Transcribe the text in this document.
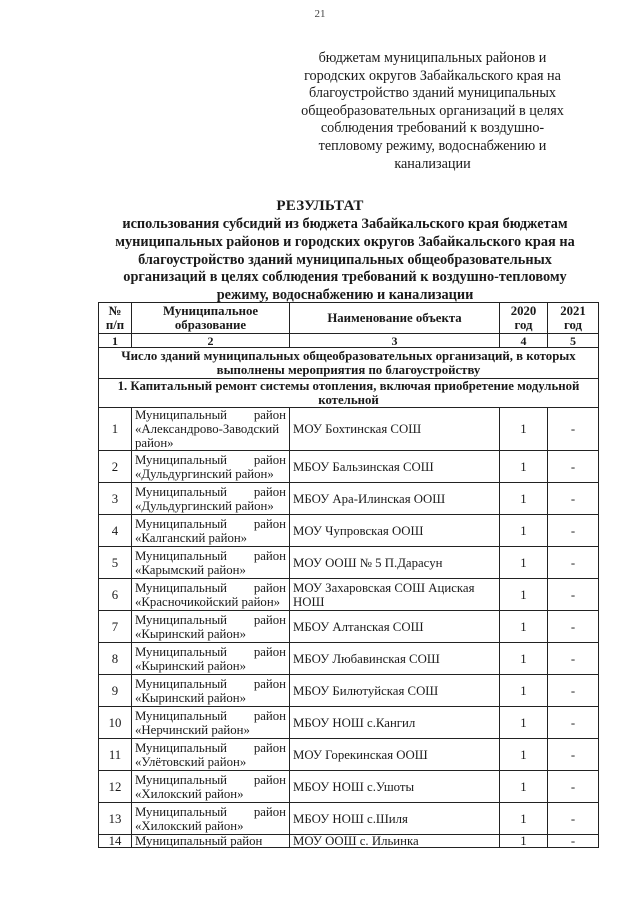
21
бюджетам муниципальных районов и
городских округов Забайкальского края на
благоустройство зданий муниципальных
общеобразовательных организаций в целях
соблюдения требований к воздушно-
тепловому режиму, водоснабжению и
канализации
РЕЗУЛЬТАТ
использования субсидий из бюджета Забайкальского края бюджетам
муниципальных районов и городских округов Забайкальского края на
благоустройство зданий муниципальных общеобразовательных
организаций в целях соблюдения требований к воздушно-тепловому
режиму, водоснабжению и канализации
№ п/п	Муниципальное образование	Наименование объекта	2020 год	2021 год
1	2	3	4	5
Число зданий муниципальных общеобразовательных организаций, в которых выполнены мероприятия по благоустройству				
1. Капитальный ремонт системы отопления, включая приобретение модульной котельной				
1	Муниципальный район «Александрово-Заводский район»	МОУ Бохтинская СОШ	1	-
2	Муниципальный район «Дульдургинский район»	МБОУ Бальзинская СОШ	1	-
3	Муниципальный район «Дульдургинский район»	МБОУ Ара-Илинская ООШ	1	-
4	Муниципальный район «Калганский район»	МОУ Чупровская ООШ	1	-
5	Муниципальный район «Карымский район»	МОУ ООШ № 5 П.Дарасун	1	-
6	Муниципальный район «Красночикойский район»	МОУ Захаровская СОШ Ациская НОШ	1	-
7	Муниципальный район «Кыринский район»	МБОУ Алтанская СОШ	1	-
8	Муниципальный район «Кыринский район»	МБОУ Любавинская СОШ	1	-
9	Муниципальный район «Кыринский район»	МБОУ Билютуйская СОШ	1	-
10	Муниципальный район «Нерчинский район»	МБОУ НОШ с.Кангил	1	-
11	Муниципальный район «Улётовский район»	МОУ Горекинская ООШ	1	-
12	Муниципальный район «Хилокский район»	МБОУ НОШ с.Ушоты	1	-
13	Муниципальный район «Хилокский район»	МБОУ НОШ с.Шиля	1	-
14	Муниципальный район	МОУ ООШ с. Ильинка	1	-
